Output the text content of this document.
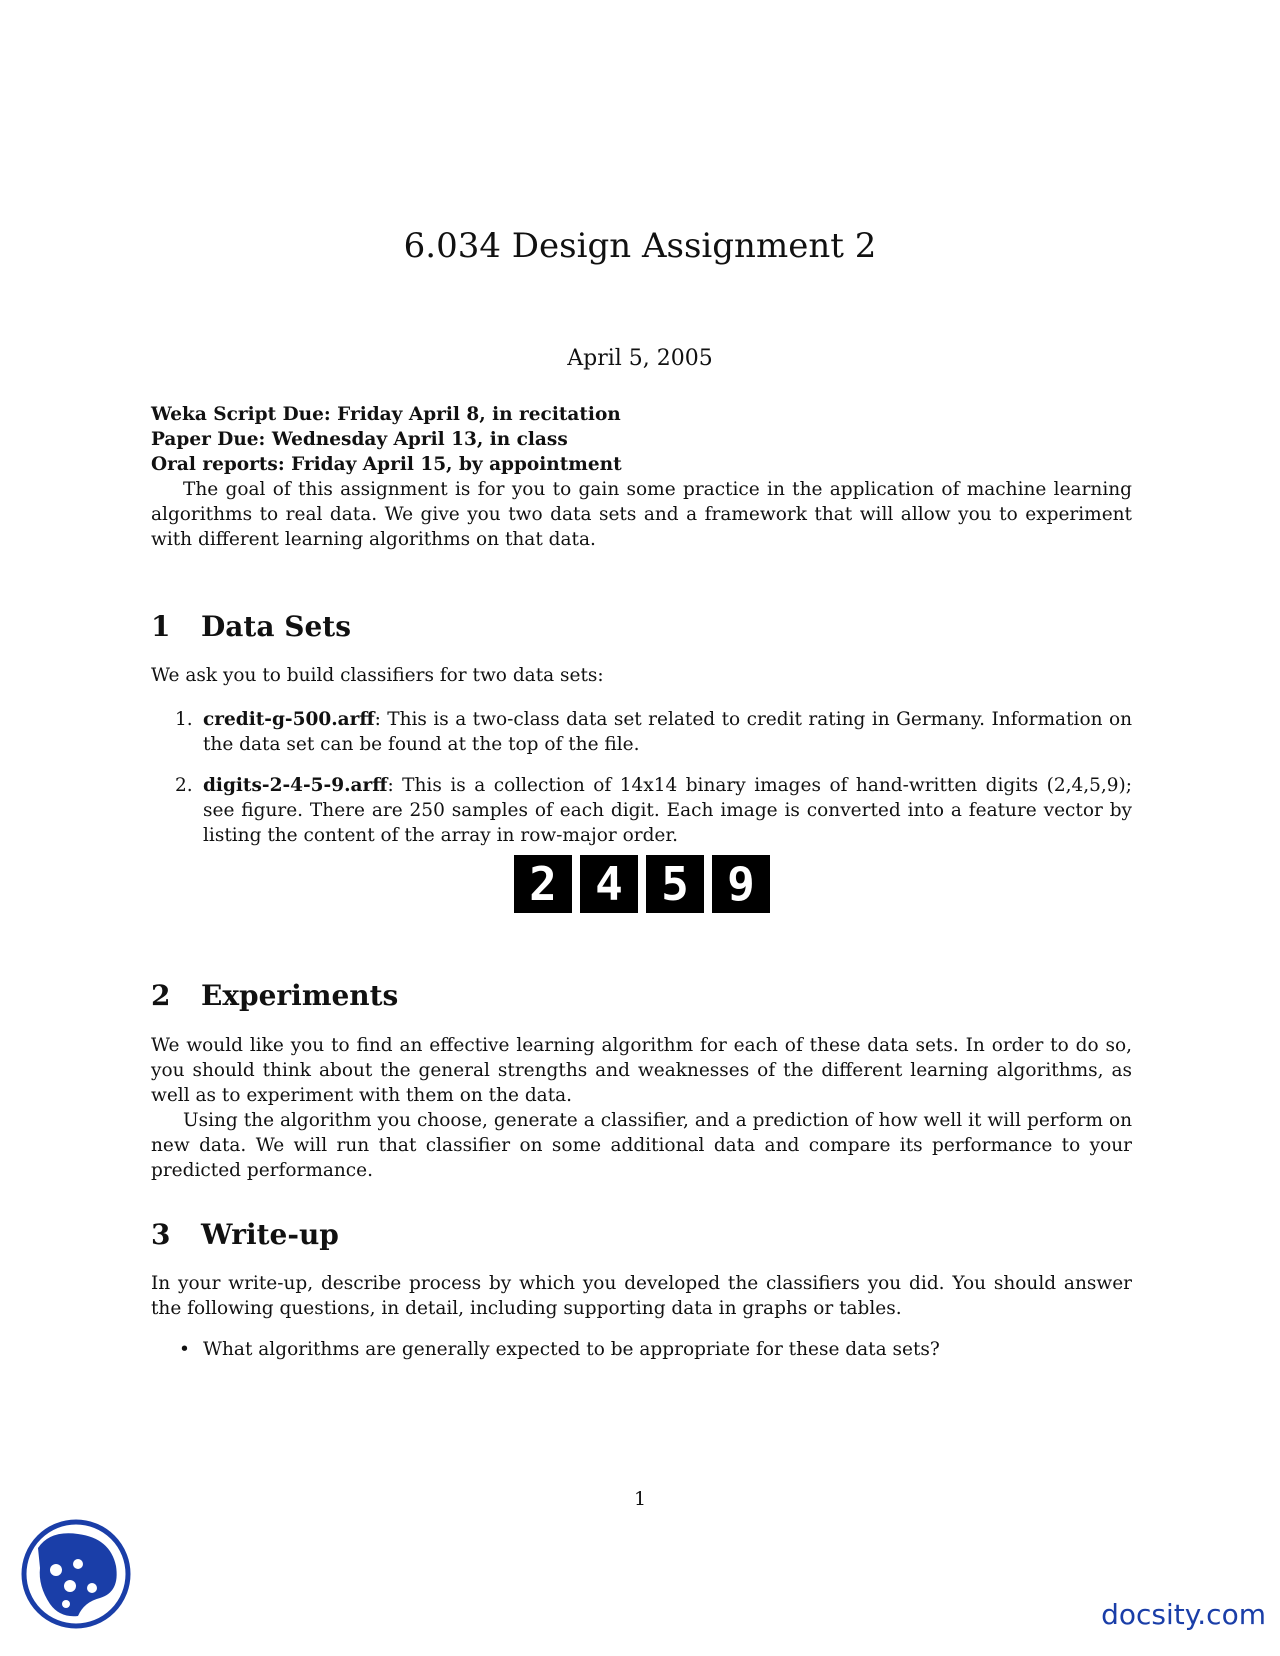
6.034 Design Assignment 2
April 5, 2005
Weka Script Due: Friday April 8, in recitation
Paper Due: Wednesday April 13, in class
Oral reports: Friday April 15, by appointment
The goal of this assignment is for you to gain some practice in the application of machine learning algorithms to real data. We give you two data sets and a framework that will allow you to experiment with different learning algorithms on that data.
1 Data Sets
We ask you to build classifiers for two data sets:
1. credit-g-500.arff: This is a two-class data set related to credit rating in Germany. Information on the data set can be found at the top of the file.
2. digits-2-4-5-9.arff: This is a collection of 14x14 binary images of hand-written digits (2,4,5,9); see figure. There are 250 samples of each digit. Each image is converted into a feature vector by listing the content of the array in row-major order.
2 4 5 9
2 Experiments
We would like you to find an effective learning algorithm for each of these data sets. In order to do so, you should think about the general strengths and weaknesses of the different learning algorithms, as well as to experiment with them on the data.
Using the algorithm you choose, generate a classifier, and a prediction of how well it will perform on new data. We will run that classifier on some additional data and compare its performance to your predicted performance.
3 Write-up
In your write-up, describe process by which you developed the classifiers you did. You should answer the following questions, in detail, including supporting data in graphs or tables.
• What algorithms are generally expected to be appropriate for these data sets?
1
docsity.com
